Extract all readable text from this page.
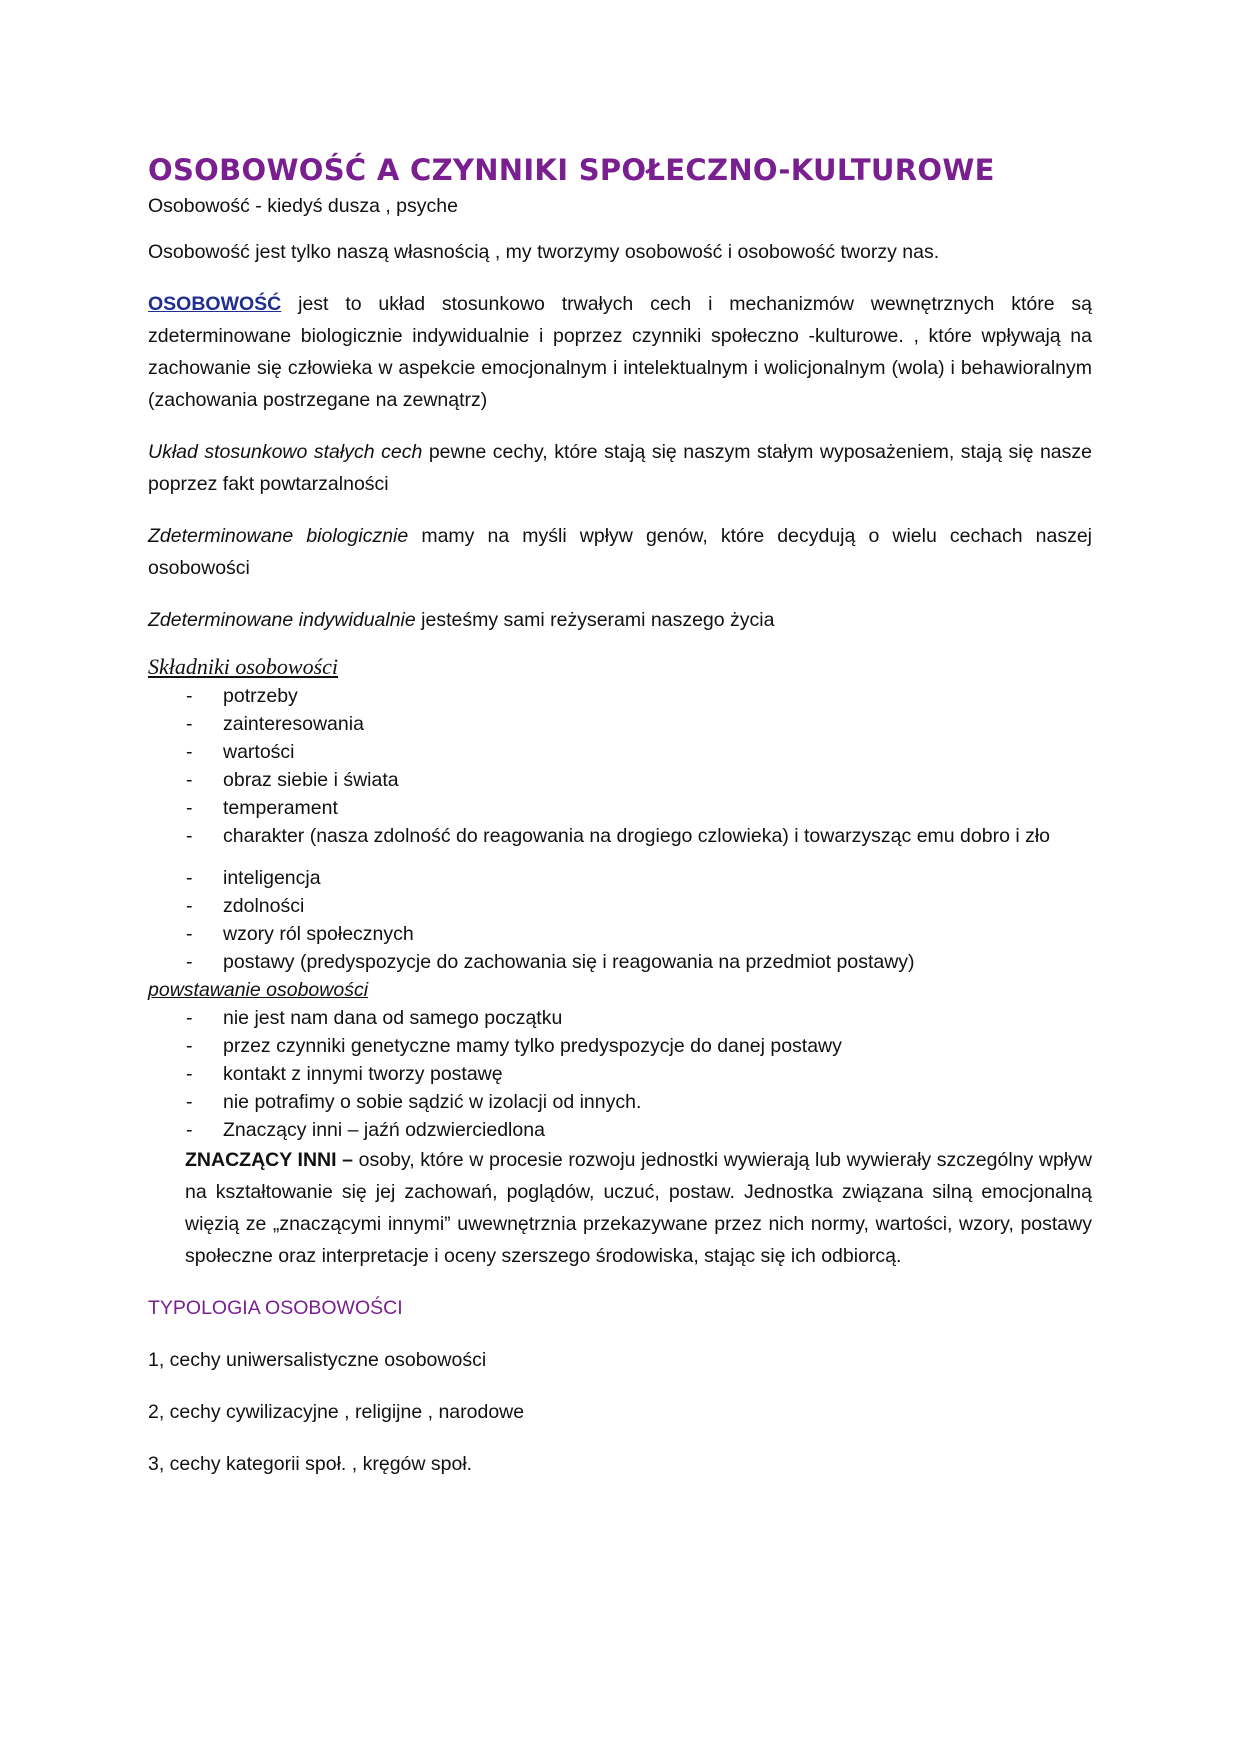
OSOBOWOŚĆ A CZYNNIKI SPOŁECZNO-KULTUROWE

Osobowość - kiedyś dusza , psyche

Osobowość jest tylko naszą własnością , my tworzymy osobowość i osobowość tworzy nas.

OSOBOWOŚĆ jest to układ stosunkowo trwałych cech i mechanizmów wewnętrznych które są zdeterminowane biologicznie indywidualnie i poprzez czynniki społeczno -kulturowe. , które wpływają na zachowanie się człowieka w aspekcie emocjonalnym i intelektualnym i wolicjonalnym (wola) i behawioralnym (zachowania postrzegane na zewnątrz)

Układ stosunkowo stałych cech pewne cechy, które stają się naszym stałym wyposażeniem, stają się nasze poprzez fakt powtarzalności

Zdeterminowane biologicznie mamy na myśli wpływ genów, które decydują o wielu cechach naszej osobowości

Zdeterminowane indywidualnie jesteśmy sami reżyserami naszego życia

Składniki osobowości
- potrzeby
- zainteresowania
- wartości
- obraz siebie i świata
- temperament
- charakter (nasza zdolność do reagowania na drogiego czlowieka) i towarzysząc emu dobro i zło
- inteligencja
- zdolności
- wzory ról społecznych
- postawy (predyspozycje do zachowania się i reagowania na przedmiot postawy)
powstawanie osobowości
- nie jest nam dana od samego początku
- przez czynniki genetyczne mamy tylko predyspozycje do danej postawy
- kontakt z innymi tworzy postawę
- nie potrafimy o sobie sądzić w izolacji od innych.
- Znaczący inni – jaźń odzwierciedlona
ZNACZĄCY INNI – osoby, które w procesie rozwoju jednostki wywierają lub wywierały szczególny wpływ na kształtowanie się jej zachowań, poglądów, uczuć, postaw. Jednostka związana silną emocjonalną więzią ze „znaczącymi innymi” uwewnętrznia przekazywane przez nich normy, wartości, wzory, postawy społeczne oraz interpretacje i oceny szerszego środowiska, stając się ich odbiorcą.

TYPOLOGIA OSOBOWOŚCI

1, cechy uniwersalistyczne osobowości

2, cechy cywilizacyjne , religijne , narodowe

3, cechy kategorii społ. , kręgów społ.
